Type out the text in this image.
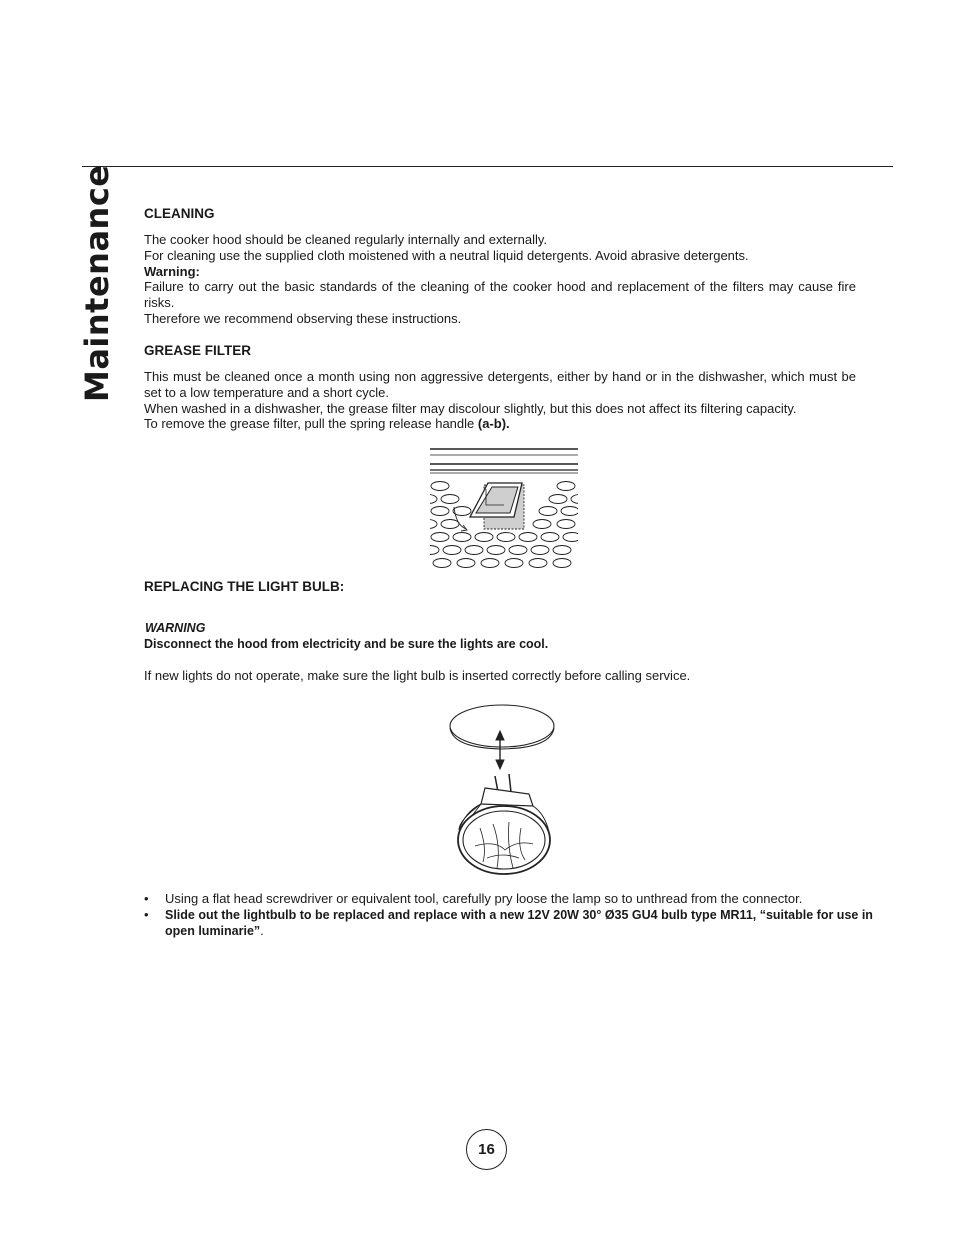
Maintenance CLEANING
The cooker hood should be cleaned regularly internally and externally.
For cleaning use the supplied cloth moistened with a neutral liquid detergents. Avoid abrasive detergents.
Warning:
Failure to carry out the basic standards of the cleaning of the cooker hood and replacement of the filters may cause fire risks.
Therefore we recommend observing these instructions.
GREASE FILTER
This must be cleaned once a month using non aggressive detergents, either by hand or in the dishwasher, which must be set to a low temperature and a short cycle.
When washed in a dishwasher, the grease filter may discolour slightly, but this does not affect its filtering capacity.
To remove the grease filter, pull the spring release handle (a-b).
REPLACING THE LIGHT BULB:
WARNING
Disconnect the hood from electricity and be sure the lights are cool.
If new lights do not operate, make sure the light bulb is inserted correctly before calling service.
• Using a flat head screwdriver or equivalent tool, carefully pry loose the lamp so to unthread from the connector.
• Slide out the lightbulb to be replaced and replace with a new 12V 20W 30° Ø35 GU4 bulb type MR11, “suitable for use in open luminarie”.
16
